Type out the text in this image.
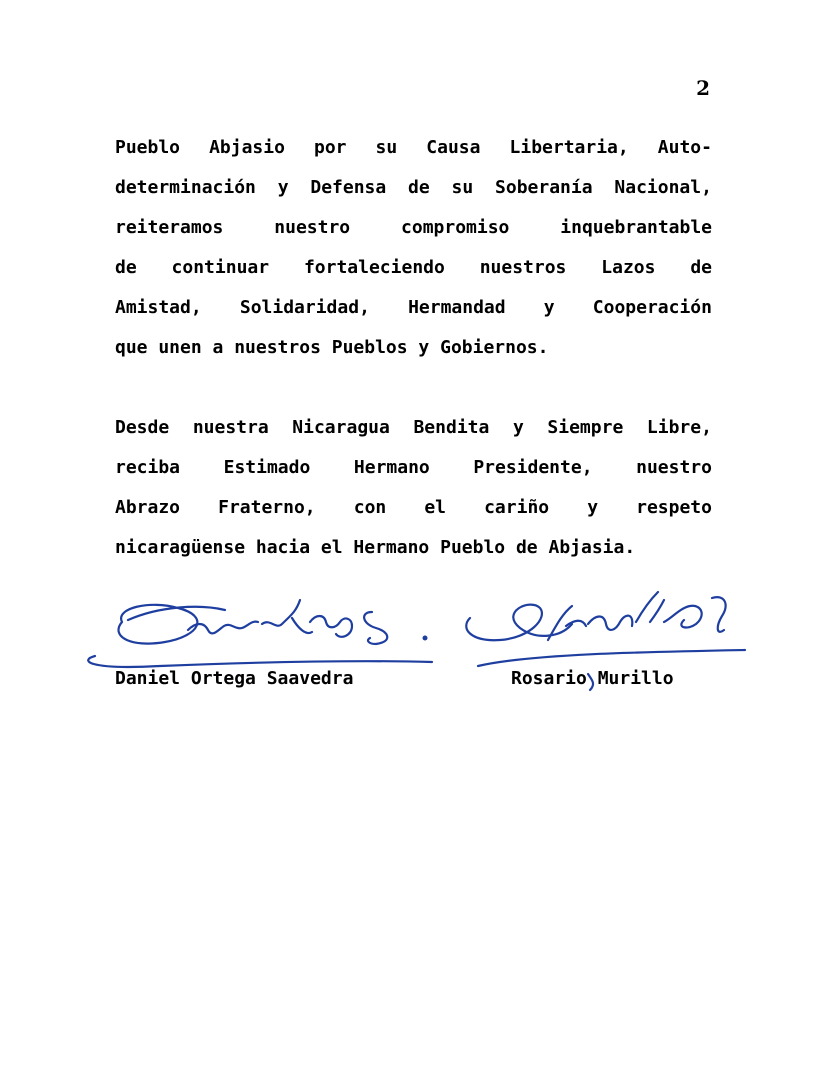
2
Pueblo Abjasio por su Causa Libertaria, Auto-
determinación y Defensa de su Soberanía Nacional,
reiteramos	nuestro	compromiso	inquebrantable
de continuar fortaleciendo nuestros Lazos de
Amistad, Solidaridad, Hermandad y Cooperación
que unen a nuestros Pueblos y Gobiernos.
Desde nuestra Nicaragua Bendita y Siempre Libre,
reciba Estimado Hermano Presidente, nuestro
Abrazo Fraterno, con el cariño y respeto
nicaragüense hacia el Hermano Pueblo de Abjasia.
Daniel Ortega Saavedra	Rosario Murillo
